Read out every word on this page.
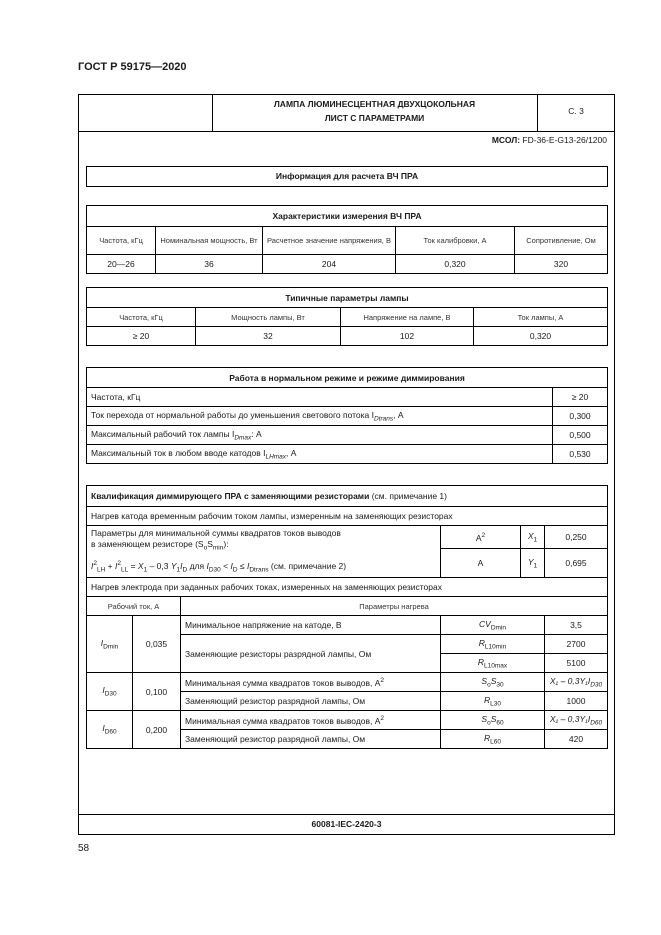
ГОСТ Р 59175—2020
ЛАМПА ЛЮМИНЕСЦЕНТНАЯ ДВУХЦОКОЛЬНАЯ
ЛИСТ С ПАРАМЕТРАМИ
С. 3
МСОЛ: FD-36-E-G13-26/1200
Информация для расчета ВЧ ПРА
Характеристики измерения ВЧ ПРА				
Частота, кГц	Номинальная мощность, Вт	Расчетное значение напряжения, В	Ток калибровки, А	Сопротивление, Ом
20—26	36	204	0,320	320
Типичные параметры лампы			
Частота, кГц	Мощность лампы, Вт	Напряжение на лампе, В	Ток лампы, А
≥ 20	32	102	0,320
Работа в нормальном режиме и режиме диммирования	
Частота, кГц	≥ 20
Ток перехода от нормальной работы до уменьшения светового потока $I_{Dtrans}$, А	0,300
Максимальный рабочий ток лампы $I_{Dmax}$: А	0,500
Максимальный ток в любом вводе катодов $I_{LHmax}$, А	0,530
Квалификация диммирующего ПРА с заменяющими резисторами (см. примечание 1)					
Нагрев катода временным рабочим током лампы, измеренным на заменяющих резисторах					

Параметры для минимальной суммы квадратов токов выводов
в заменяющем резисторе $(S_oS_{min})$:
$I^2_{LH} + I^2_{LL} = X_1 - 0,3$ $Y_1I_D$ для $I_{D30} < I_D \le I_{Dtrans}$ (см. примечание 2)			$A^2$	$X_1$	0,250
			A	$Y_1$	0,695
Нагрев электрода при заданных рабочих токах, измеренных на заменяющих резисторах					
Рабочий ток, А		Параметры нагрева			
$I_{Dmin}$	0,035	Минимальное напряжение на катоде, В	$CV_{Dmin}$		3,5
		Заменяющие резисторы разрядной лампы, Ом	$R_{L10min}$		2700
			$R_{L10max}$		5100
$I_{D30}$	0,100	Минимальная сумма квадратов токов выводов, $А^2$	$S_oS_{30}$		$X_1 - 0,3Y_1I_{D30}$
		Заменяющий резистор разрядной лампы, Ом	$R_{L30}$		1000
$I_{D60}$	0,200	Минимальная сумма квадратов токов выводов, $А^2$	$S_oS_{60}$		$X_1 - 0,3Y_1I_{D60}$
		Заменяющий резистор разрядной лампы, Ом	$R_{L60}$		420
60081-IEC-2420-3
58
